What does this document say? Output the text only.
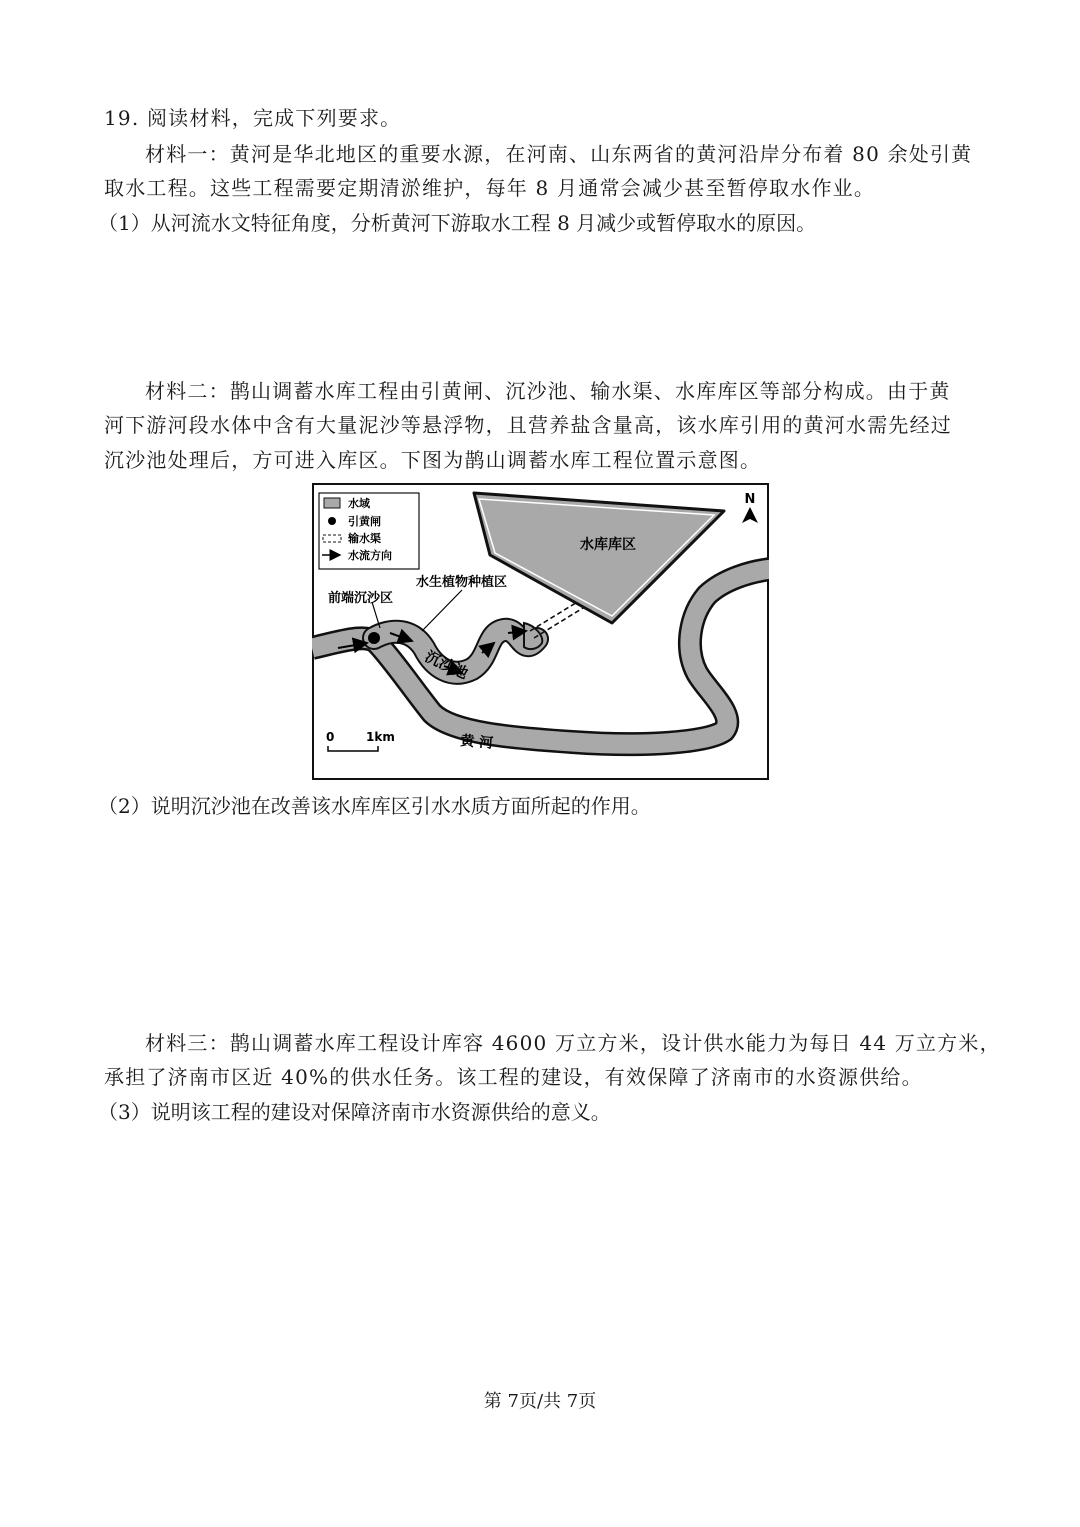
19. 阅读材料，完成下列要求。
材料一：黄河是华北地区的重要水源，在河南、山东两省的黄河沿岸分布着 80 余处引黄
取水工程。这些工程需要定期清淤维护，每年 8 月通常会减少甚至暂停取水作业。
（1）从河流水文特征角度，分析黄河下游取水工程 8 月减少或暂停取水的原因。
材料二：鹊山调蓄水库工程由引黄闸、沉沙池、输水渠、水库库区等部分构成。由于黄
河下游河段水体中含有大量泥沙等悬浮物，且营养盐含量高，该水库引用的黄河水需先经过
沉沙池处理后，方可进入库区。下图为鹊山调蓄水库工程位置示意图。
水库库区
前端沉沙区
水生植物种植区
沉沙池
黄 河
水域
引黄闸
输水渠
水流方向
N
0	1km
（2）说明沉沙池在改善该水库库区引水水质方面所起的作用。
材料三：鹊山调蓄水库工程设计库容 4600 万立方米，设计供水能力为每日 44 万立方米，
承担了济南市区近 40%的供水任务。该工程的建设，有效保障了济南市的水资源供给。
（3）说明该工程的建设对保障济南市水资源供给的意义。
第 7页/共 7页
